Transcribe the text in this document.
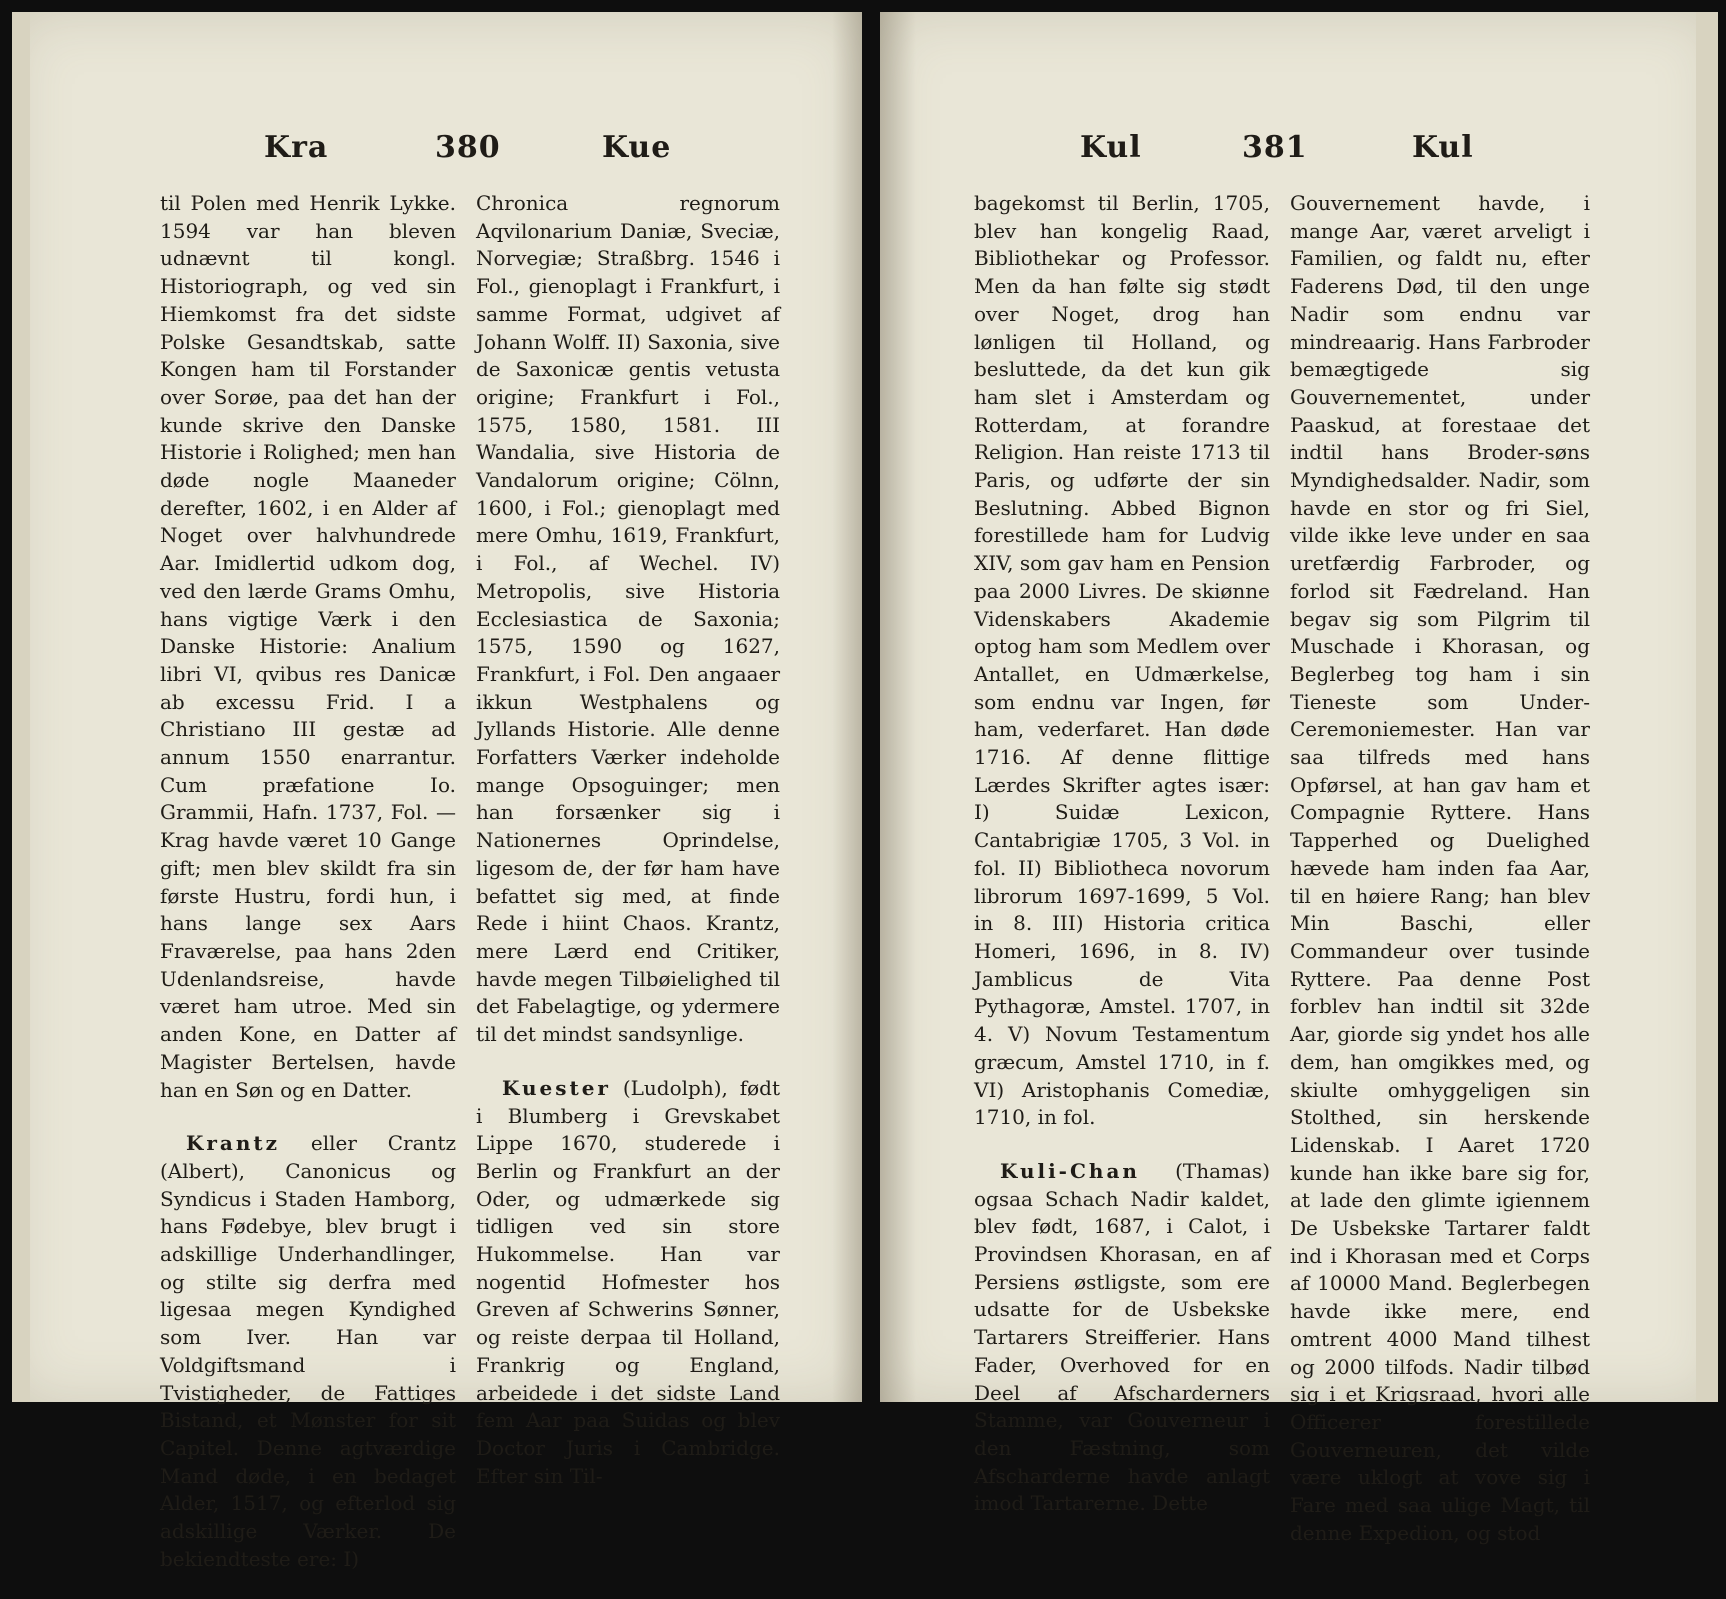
Kra	380	Kue

til Polen med Henrik Lykke. 1594 var han bleven udnævnt til kongl. Historiograph, og ved sin Hiemkomst fra det sidste Polske Gesandtskab, satte Kongen ham til Forstander over Sorøe, paa det han der kunde skrive den Danske Historie i Rolighed; men han døde nogle Maaneder derefter, 1602, i en Alder af Noget over halvhundrede Aar. Imidlertid udkom dog, ved den lærde Grams Omhu, hans vigtige Værk i den Danske Historie: Analium libri VI, qvibus res Danicæ ab excessu Frid. I a Christiano III gestæ ad annum 1550 enarrantur. Cum præfatione Io. Grammii, Hafn. 1737, Fol. — Krag havde været 10 Gange gift; men blev skildt fra sin første Hustru, fordi hun, i hans lange sex Aars Fraværelse, paa hans 2den Udenlandsreise, havde været ham utroe. Med sin anden Kone, en Datter af Magister Bertelsen, havde han en Søn og en Datter.

Krantz eller Crantz (Albert), Canonicus og Syndicus i Staden Hamborg, hans Fødebye, blev brugt i adskillige Underhandlinger, og stilte sig derfra med ligesaa megen Kyndighed som Iver. Han var Voldgiftsmand i Tvistigheder, de Fattiges Bistand, et Mønster for sit Capitel. Denne agtværdige Mand døde, i en bedaget Alder, 1517, og efterlod sig adskillige Værker. De bekiendteste ere: I)

Chronica regnorum Aqvilonarium Daniæ, Sveciæ, Norvegiæ; Straßbrg. 1546 i Fol., gienoplagt i Frankfurt, i samme Format, udgivet af Johann Wolff. II) Saxonia, sive de Saxonicæ gentis vetusta origine; Frankfurt i Fol., 1575, 1580, 1581. III Wandalia, sive Historia de Vandalorum origine; Cölnn, 1600, i Fol.; gienoplagt med mere Omhu, 1619, Frankfurt, i Fol., af Wechel. IV) Metropolis, sive Historia Ecclesiastica de Saxonia; 1575, 1590 og 1627, Frankfurt, i Fol. Den angaaer ikkun Westphalens og Jyllands Historie. Alle denne Forfatters Værker indeholde mange Opsoguinger; men han forsænker sig i Nationernes Oprindelse, ligesom de, der før ham have befattet sig med, at finde Rede i hiint Chaos. Krantz, mere Lærd end Critiker, havde megen Tilbøielighed til det Fabelagtige, og ydermere til det mindst sandsynlige.

Kuester (Ludolph), født i Blumberg i Grevskabet Lippe 1670, studerede i Berlin og Frankfurt an der Oder, og udmærkede sig tidligen ved sin store Hukommelse. Han var nogentid Hofmester hos Greven af Schwerins Sønner, og reiste derpaa til Holland, Frankrig og England, arbeidede i det sidste Land fem Aar paa Suidas og blev Doctor Juris i Cambridge. Efter sin Til-

Kul	381	Kul

bagekomst til Berlin, 1705, blev han kongelig Raad, Bibliothekar og Professor. Men da han følte sig stødt over Noget, drog han lønligen til Holland, og besluttede, da det kun gik ham slet i Amsterdam og Rotterdam, at forandre Religion. Han reiste 1713 til Paris, og udførte der sin Beslutning. Abbed Bignon forestillede ham for Ludvig XIV, som gav ham en Pension paa 2000 Livres. De skiønne Videnskabers Akademie optog ham som Medlem over Antallet, en Udmærkelse, som endnu var Ingen, før ham, vederfaret. Han døde 1716. Af denne flittige Lærdes Skrifter agtes især: I) Suidæ Lexicon, Cantabrigiæ 1705, 3 Vol. in fol. II) Bibliotheca novorum librorum 1697-1699, 5 Vol. in 8. III) Historia critica Homeri, 1696, in 8. IV) Jamblicus de Vita Pythagoræ, Amstel. 1707, in 4. V) Novum Testamentum græcum, Amstel 1710, in f. VI) Aristophanis Comediæ, 1710, in fol.

Kuli-Chan (Thamas) ogsaa Schach Nadir kaldet, blev født, 1687, i Calot, i Provindsen Khorasan, en af Persiens østligste, som ere udsatte for de Usbekske Tartarers Streifferier. Hans Fader, Overhoved for en Deel af Afscharderners Stamme, var Gouverneur i den Fæstning, som Afscharderne havde anlagt imod Tartarerne. Dette

Gouvernement havde, i mange Aar, været arveligt i Familien, og faldt nu, efter Faderens Død, til den unge Nadir som endnu var mindreaarig. Hans Farbroder bemægtigede sig Gouvernementet, under Paaskud, at forestaae det indtil hans Broder-søns Myndighedsalder. Nadir, som havde en stor og fri Siel, vilde ikke leve under en saa uretfærdig Farbroder, og forlod sit Fædreland. Han begav sig som Pilgrim til Muschade i Khorasan, og Beglerbeg tog ham i sin Tieneste som Under-Ceremoniemester. Han var saa tilfreds med hans Opførsel, at han gav ham et Compagnie Ryttere. Hans Tapperhed og Duelighed hævede ham inden faa Aar, til en høiere Rang; han blev Min Baschi, eller Commandeur over tusinde Ryttere. Paa denne Post forblev han indtil sit 32de Aar, giorde sig yndet hos alle dem, han omgikkes med, og skiulte omhyggeligen sin Stolthed, sin herskende Lidenskab. I Aaret 1720 kunde han ikke bare sig for, at lade den glimte igiennem De Usbekske Tartarer faldt ind i Khorasan med et Corps af 10000 Mand. Beglerbegen havde ikke mere, end omtrent 4000 Mand tilhest og 2000 tilfods. Nadir tilbød sig i et Krigsraad, hvori alle Officerer forestillede Gouverneuren, det vilde være uklogt at vove sig i Fare med saa ulige Magt, til denne Expedion, og stod
